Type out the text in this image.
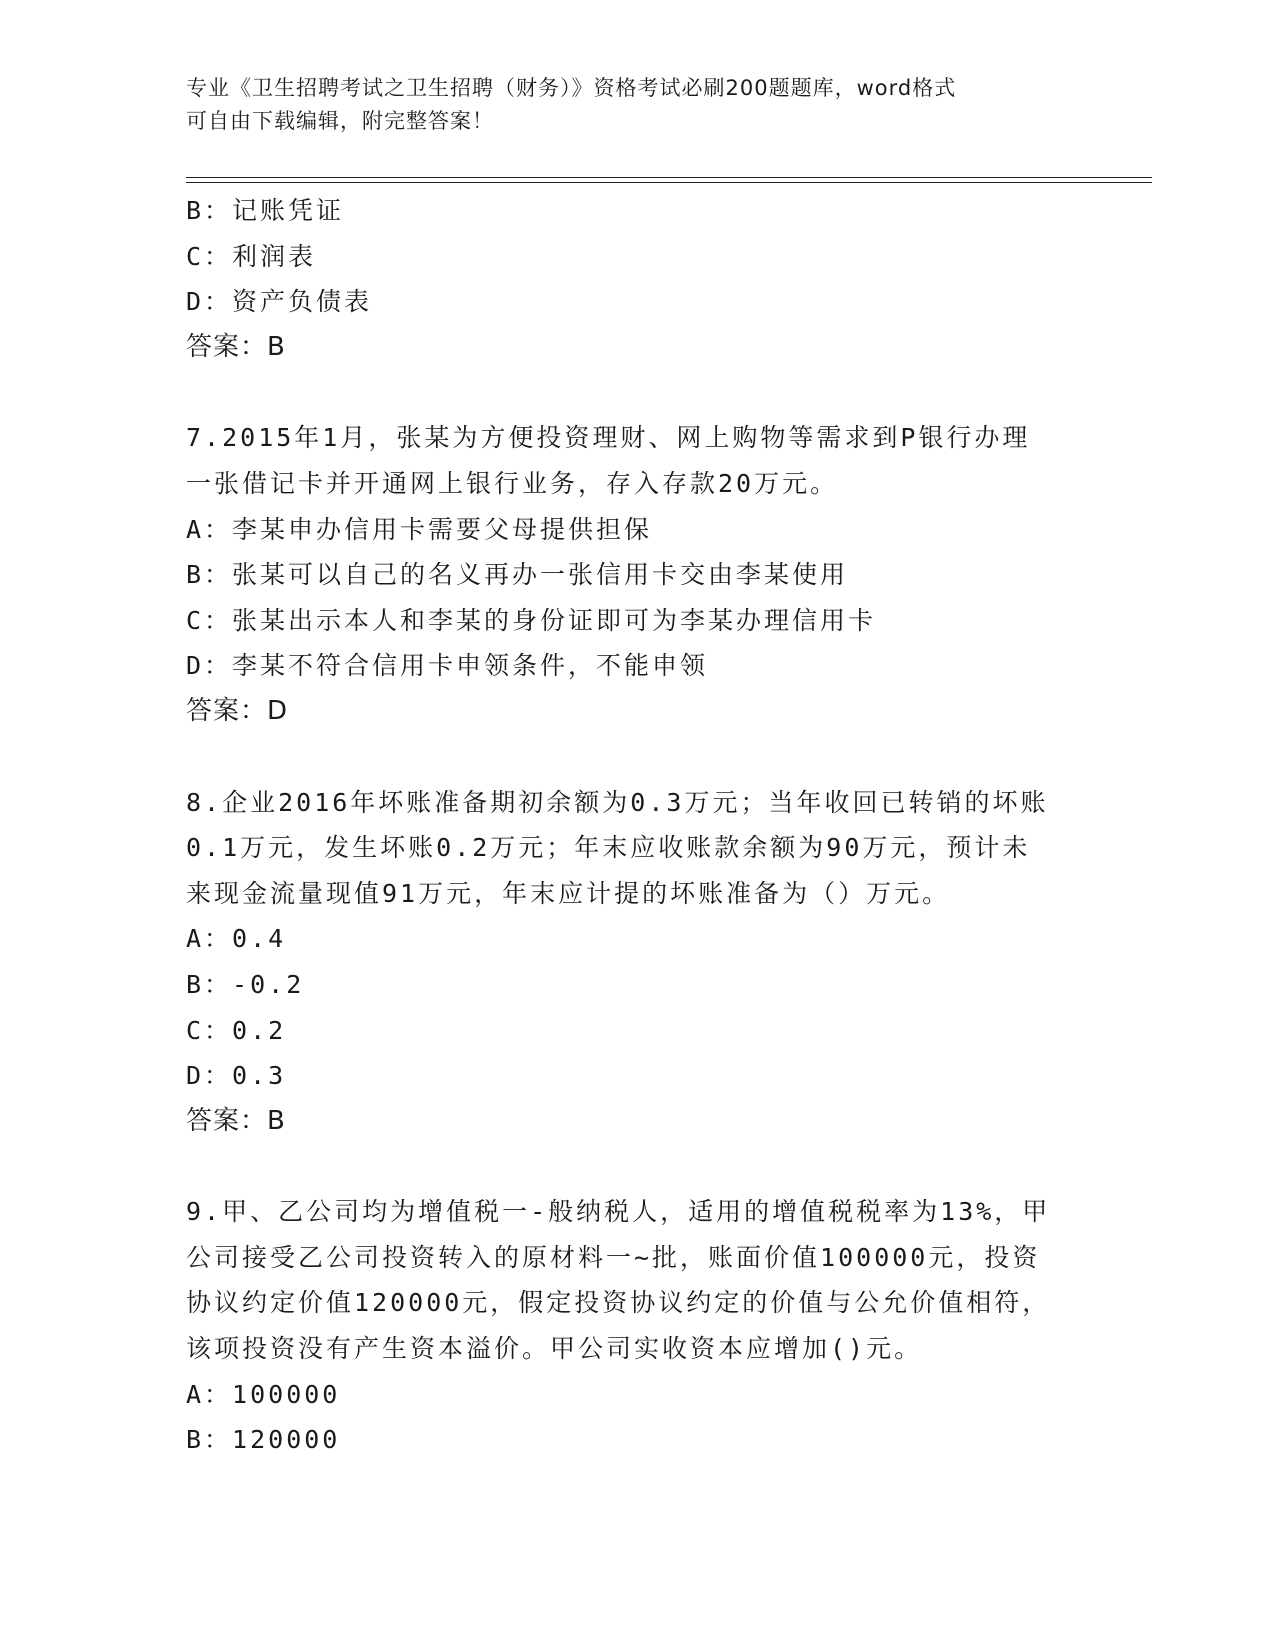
专业《卫生招聘考试之卫生招聘（财务）》资格考试必刷200题题库，word格式
可自由下载编辑，附完整答案！
B：记账凭证
C：利润表
D：资产负债表
答案：B
7.2015年1月，张某为方便投资理财、网上购物等需求到P银行办理
一张借记卡并开通网上银行业务，存入存款20万元。
A：李某申办信用卡需要父母提供担保
B：张某可以自己的名义再办一张信用卡交由李某使用
C：张某出示本人和李某的身份证即可为李某办理信用卡
D：李某不符合信用卡申领条件，不能申领
答案：D
8.企业2016年坏账准备期初余额为0.3万元；当年收回已转销的坏账
0.1万元，发生坏账0.2万元；年末应收账款余额为90万元，预计未
来现金流量现值91万元，年末应计提的坏账准备为（）万元。
A：0.4
B：-0.2
C：0.2
D：0.3
答案：B
9.甲、乙公司均为增值税一-般纳税人，适用的增值税税率为13%，甲
公司接受乙公司投资转入的原材料一~批，账面价值100000元，投资
协议约定价值120000元，假定投资协议约定的价值与公允价值相符，
该项投资没有产生资本溢价。甲公司实收资本应增加()元。
A：100000
B：120000
